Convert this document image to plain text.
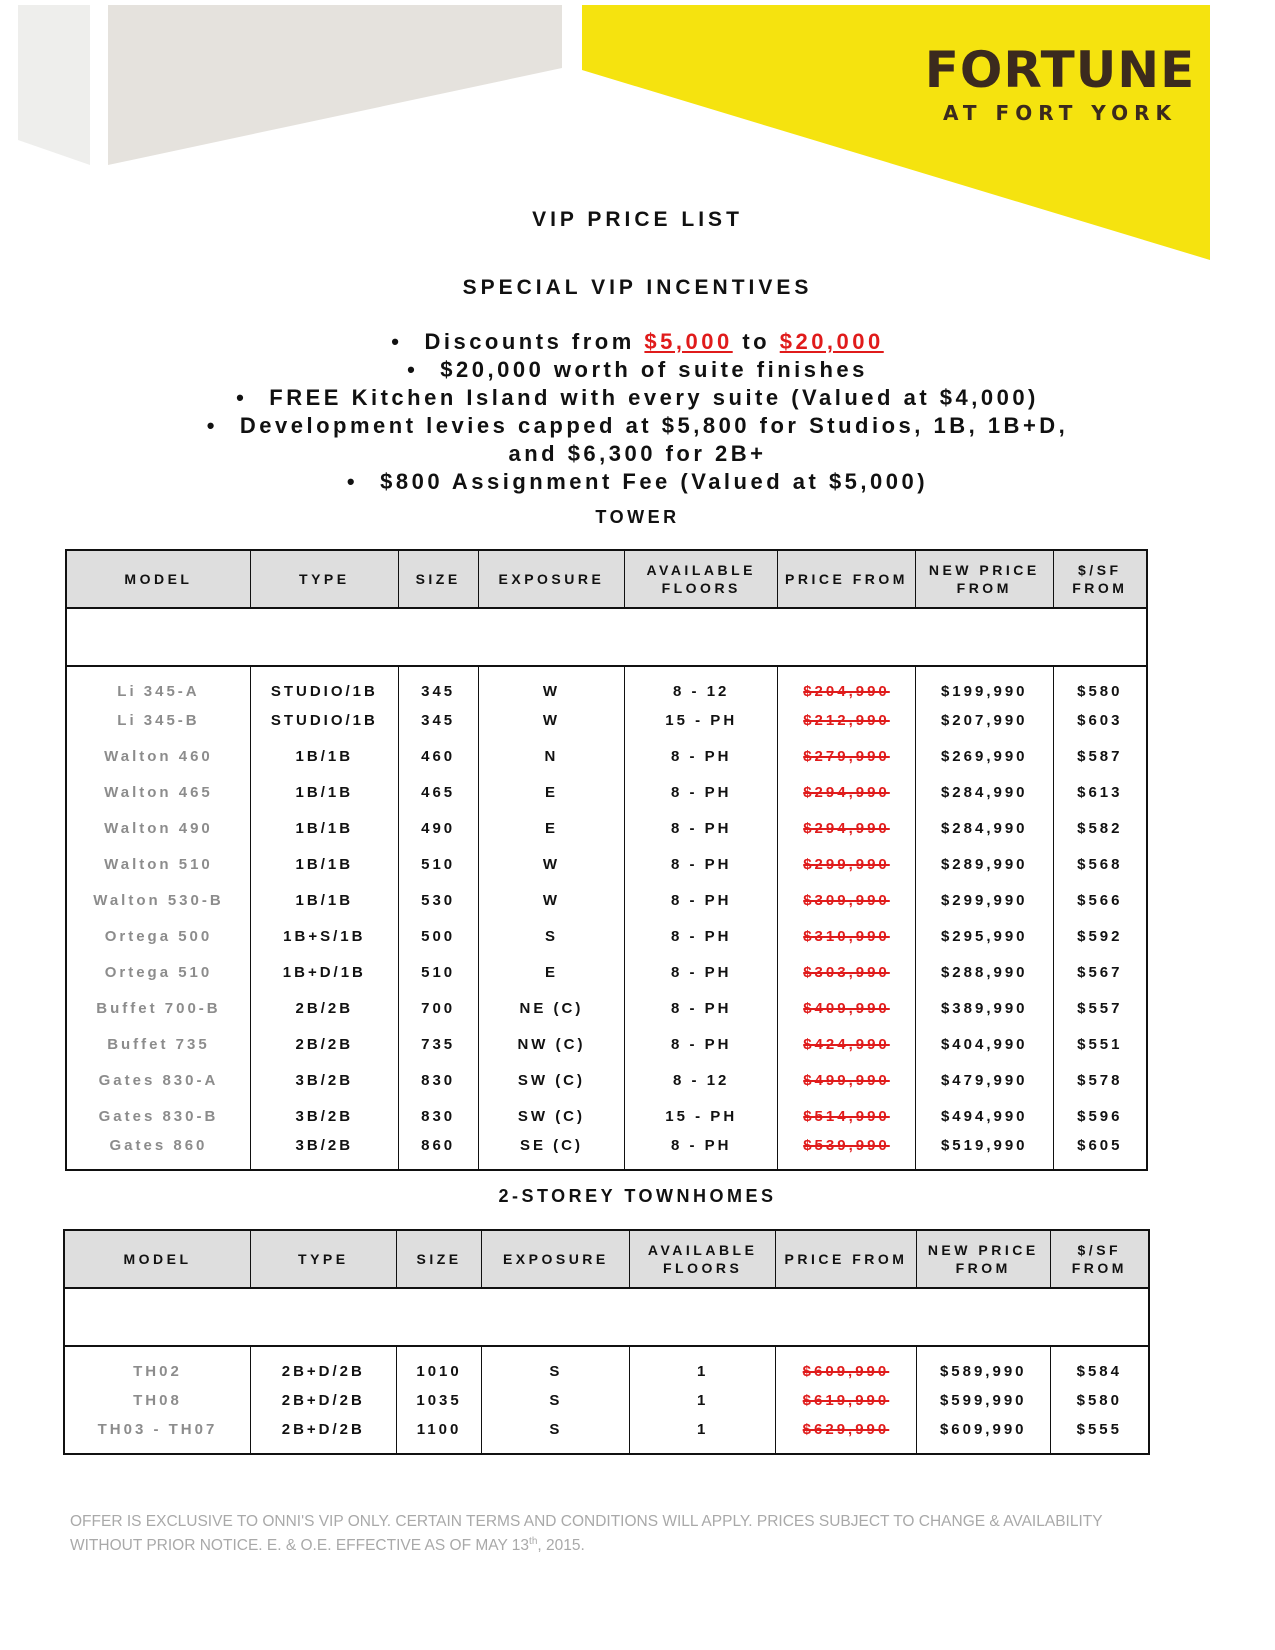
FORTUNE
AT FORT YORK
VIP PRICE LIST
SPECIAL VIP INCENTIVES
• Discounts from $5,000 to $20,000
• $20,000 worth of suite finishes
• FREE Kitchen Island with every suite (Valued at $4,000)
• Development levies capped at $5,800 for Studios, 1B, 1B+D,
and $6,300 for 2B+
• $800 Assignment Fee (Valued at $5,000)
TOWER

Li 345-A	STUDIO/1B	345	W	8 - 12	$204,990	$199,990	$580
Li 345-B	STUDIO/1B	345	W	15 - PH	$212,990	$207,990	$603
Walton 460	1B/1B	460	N	8 - PH	$279,990	$269,990	$587
Walton 465	1B/1B	465	E	8 - PH	$294,990	$284,990	$613
Walton 490	1B/1B	490	E	8 - PH	$294,990	$284,990	$582
Walton 510	1B/1B	510	W	8 - PH	$299,990	$289,990	$568
Walton 530-B	1B/1B	530	W	8 - PH	$309,990	$299,990	$566
Ortega 500	1B+S/1B	500	S	8 - PH	$310,990	$295,990	$592
Ortega 510	1B+D/1B	510	E	8 - PH	$303,990	$288,990	$567
Buffet 700-B	2B/2B	700	NE (C)	8 - PH	$409,990	$389,990	$557
Buffet 735	2B/2B	735	NW (C)	8 - PH	$424,990	$404,990	$551
Gates 830-A	3B/2B	830	SW (C)	8 - 12	$499,990	$479,990	$578
Gates 830-B	3B/2B	830	SW (C)	15 - PH	$514,990	$494,990	$596
Gates 860	3B/2B	860	SE (C)	8 - PH	$539,990	$519,990	$605
MODEL	TYPE	SIZE	EXPOSURE	AVAILABLE FLOORS	PRICE FROM	NEW PRICE FROM	$/SF FROM
2-STOREY TOWNHOMES

TH02	2B+D/2B	1010	S	1	$609,990	$589,990	$584
TH08	2B+D/2B	1035	S	1	$619,990	$599,990	$580
TH03 - TH07	2B+D/2B	1100	S	1	$629,990	$609,990	$555
MODEL	TYPE	SIZE	EXPOSURE	AVAILABLE FLOORS	PRICE FROM	NEW PRICE FROM	$/SF FROM
OFFER IS EXCLUSIVE TO ONNI'S VIP ONLY. CERTAIN TERMS AND CONDITIONS WILL APPLY. PRICES SUBJECT TO CHANGE & AVAILABILITY
WITHOUT PRIOR NOTICE. E. & O.E. EFFECTIVE AS OF MAY 13th, 2015.
